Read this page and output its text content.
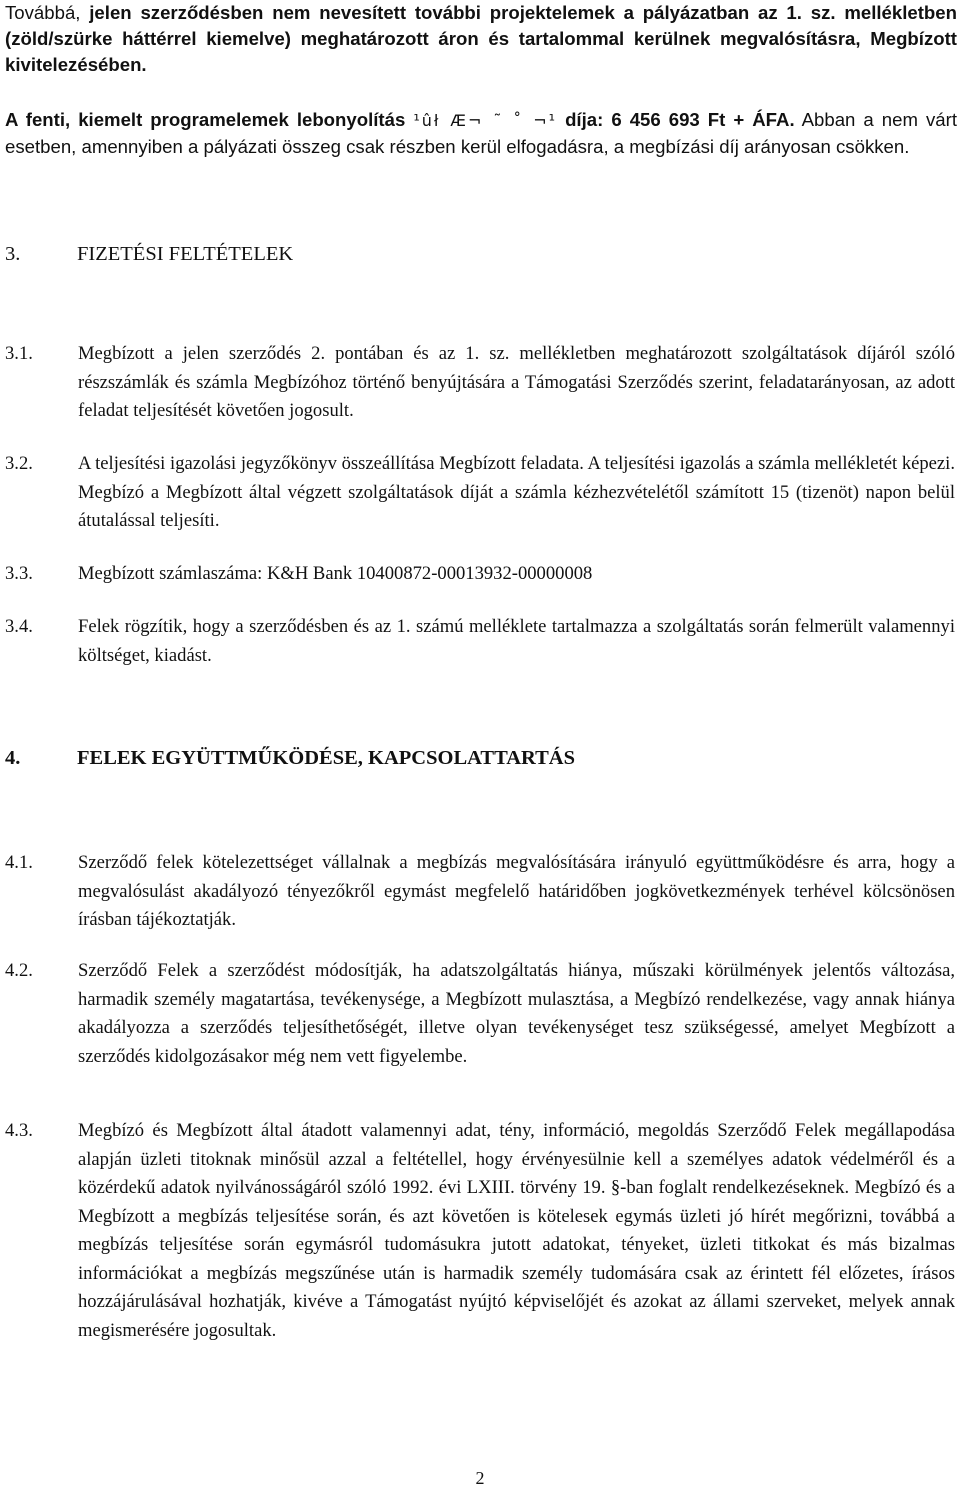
Továbbá, jelen szerződésben nem nevesített további projektelemek a pályázatban az 1. sz. mellékletben (zöld/szürke háttérrel kiemelve) meghatározott áron és tartalommal kerülnek megvalósításra, Megbízott kivitelezésében.

A fenti, kiemelt programelemek lebonyolítás ¹ûł Æ¬ ˜ ˚ ¬¹ díja: 6 456 693 Ft + ÁFA. Abban a nem várt esetben, amennyiben a pályázati összeg csak részben kerül elfogadásra, a megbízási díj arányosan csökken.

3.	FIZETÉSI FELTÉTELEK
3.1. Megbízott a jelen szerződés 2. pontában és az 1. sz. mellékletben meghatározott szolgáltatások díjáról szóló részszámlák és számla Megbízóhoz történő benyújtására a Támogatási Szerződés szerint, feladatarányosan, az adott feladat teljesítését követően jogosult.

3.2. A teljesítési igazolási jegyzőkönyv összeállítása Megbízott feladata. A teljesítési igazolás a számla mellékletét képezi. Megbízó a Megbízott által végzett szolgáltatások díját a számla kézhezvételétől számított 15 (tizenöt) napon belül átutalással teljesíti.

3.3. Megbízott számlaszáma: K&H Bank 10400872-00013932-00000008

3.4. Felek rögzítik, hogy a szerződésben és az 1. számú melléklete tartalmazza a szolgáltatás során felmerült valamennyi költséget, kiadást.

4.	FELEK EGYÜTTMŰKÖDÉSE, KAPCSOLATTARTÁS
4.1. Szerződő felek kötelezettséget vállalnak a megbízás megvalósítására irányuló együttműködésre és arra, hogy a megvalósulást akadályozó tényezőkről egymást megfelelő határidőben jogkövetkezmények terhével kölcsönösen írásban tájékoztatják.

4.2. Szerződő Felek a szerződést módosítják, ha adatszolgáltatás hiánya, műszaki körülmények jelentős változása, harmadik személy magatartása, tevékenysége, a Megbízott mulasztása, a Megbízó rendelkezése, vagy annak hiánya akadályozza a szerződés teljesíthetőségét, illetve olyan tevékenységet tesz szükségessé, amelyet Megbízott a szerződés kidolgozásakor még nem vett figyelembe.

4.3. Megbízó és Megbízott által átadott valamennyi adat, tény, információ, megoldás Szerződő Felek megállapodása alapján üzleti titoknak minősül azzal a feltétellel, hogy érvényesülnie kell a személyes adatok védelméről és a közérdekű adatok nyilvánosságáról szóló 1992. évi LXIII. törvény 19. §-ban foglalt rendelkezéseknek. Megbízó és a Megbízott a megbízás teljesítése során, és azt követően is kötelesek egymás üzleti jó hírét megőrizni, továbbá a megbízás teljesítése során egymásról tudomásukra jutott adatokat, tényeket, üzleti titkokat és más bizalmas információkat a megbízás megszűnése után is harmadik személy tudomására csak az érintett fél előzetes, írásos hozzájárulásával hozhatják, kivéve a Támogatást nyújtó képviselőjét és azokat az állami szerveket, melyek annak megismerésére jogosultak.

2
